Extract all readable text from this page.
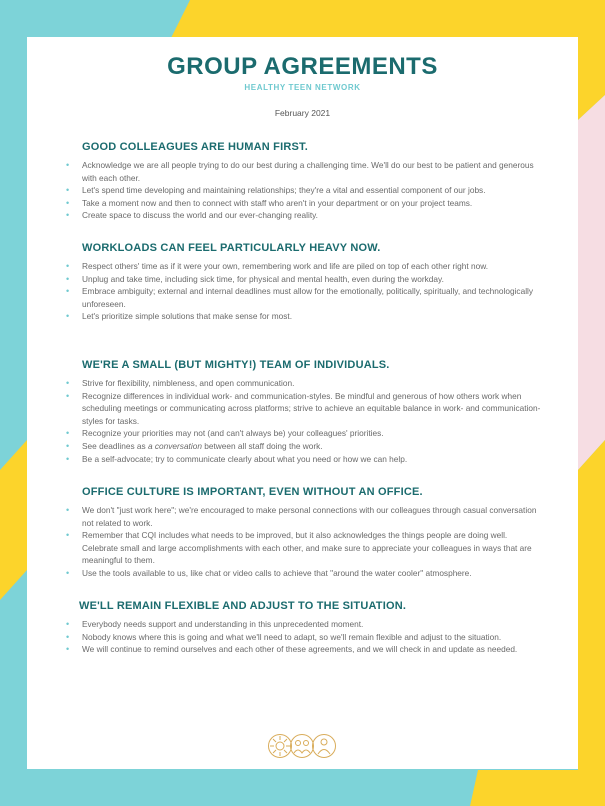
GROUP AGREEMENTS
HEALTHY TEEN NETWORK
February 2021
GOOD COLLEAGUES ARE HUMAN FIRST.
• Acknowledge we are all people trying to do our best during a challenging time. We'll do our best to be patient and generous with each other.
• Let's spend time developing and maintaining relationships; they're a vital and essential component of our jobs.
• Take a moment now and then to connect with staff who aren't in your department or on your project teams.
• Create space to discuss the world and our ever-changing reality.
WORKLOADS CAN FEEL PARTICULARLY HEAVY NOW.
• Respect others' time as if it were your own, remembering work and life are piled on top of each other right now.
• Unplug and take time, including sick time, for physical and mental health, even during the workday.
• Embrace ambiguity; external and internal deadlines must allow for the emotionally, politically, spiritually, and technologically unforeseen.
• Let's prioritize simple solutions that make sense for most.
WE'RE A SMALL (BUT MIGHTY!) TEAM OF INDIVIDUALS.
• Strive for flexibility, nimbleness, and open communication.
• Recognize differences in individual work- and communication-styles. Be mindful and generous of how others work when scheduling meetings or communicating across platforms; strive to achieve an equitable balance in work- and communication-styles for tasks.
• Recognize your priorities may not (and can't always be) your colleagues' priorities.
• See deadlines as a conversation between all staff doing the work.
• Be a self-advocate; try to communicate clearly about what you need or how we can help.
OFFICE CULTURE IS IMPORTANT, EVEN WITHOUT AN OFFICE.
• We don't "just work here"; we're encouraged to make personal connections with our colleagues through casual conversation not related to work.
• Remember that CQI includes what needs to be improved, but it also acknowledges the things people are doing well. Celebrate small and large accomplishments with each other, and make sure to appreciate your colleagues in ways that are meaningful to them.
• Use the tools available to us, like chat or video calls to achieve that "around the water cooler" atmosphere.
WE'LL REMAIN FLEXIBLE AND ADJUST TO THE SITUATION.
• Everybody needs support and understanding in this unprecedented moment.
• Nobody knows where this is going and what we'll need to adapt, so we'll remain flexible and adjust to the situation.
• We will continue to remind ourselves and each other of these agreements, and we will check in and update as needed.
